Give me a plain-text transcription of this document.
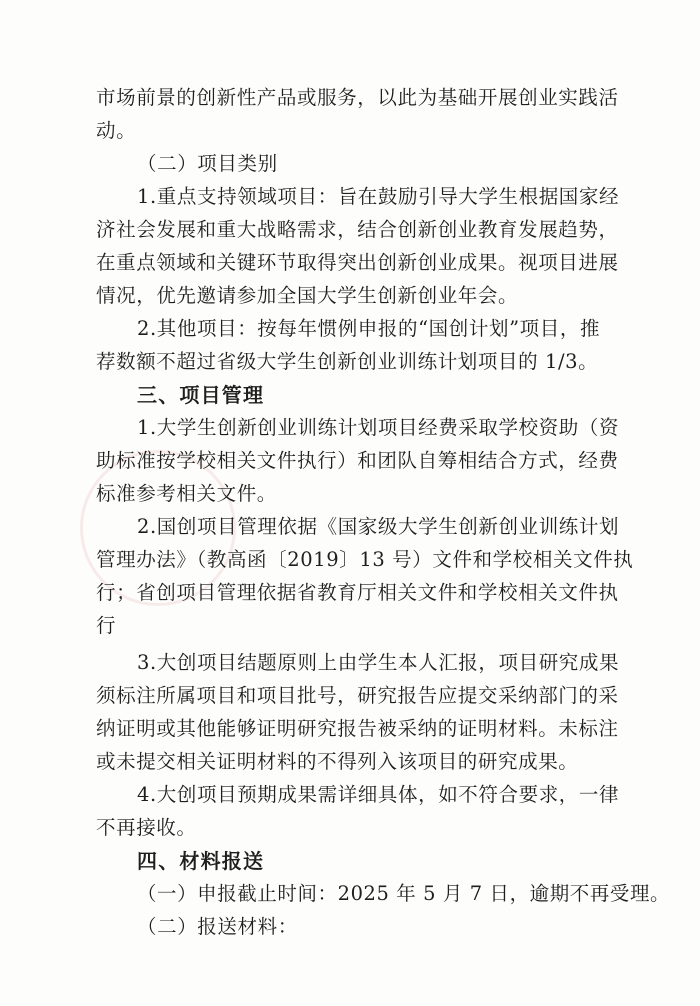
市场前景的创新性产品或服务，以此为基础开展创业实践活
动。
（二）项目类别
1.重点支持领域项目：旨在鼓励引导大学生根据国家经
济社会发展和重大战略需求，结合创新创业教育发展趋势，
在重点领域和关键环节取得突出创新创业成果。视项目进展
情况，优先邀请参加全国大学生创新创业年会。
2.其他项目：按每年惯例申报的“国创计划”项目，推
荐数额不超过省级大学生创新创业训练计划项目的 1/3。
三、项目管理
1.大学生创新创业训练计划项目经费采取学校资助（资
助标准按学校相关文件执行）和团队自筹相结合方式，经费
标准参考相关文件。
2.国创项目管理依据《国家级大学生创新创业训练计划
管理办法》（教高函〔2019〕13 号）文件和学校相关文件执
行；省创项目管理依据省教育厅相关文件和学校相关文件执
行
3.大创项目结题原则上由学生本人汇报，项目研究成果
须标注所属项目和项目批号，研究报告应提交采纳部门的采
纳证明或其他能够证明研究报告被采纳的证明材料。未标注
或未提交相关证明材料的不得列入该项目的研究成果。
4.大创项目预期成果需详细具体，如不符合要求，一律
不再接收。
四、材料报送
（一）申报截止时间：2025 年 5 月 7 日，逾期不再受理。
（二）报送材料：
